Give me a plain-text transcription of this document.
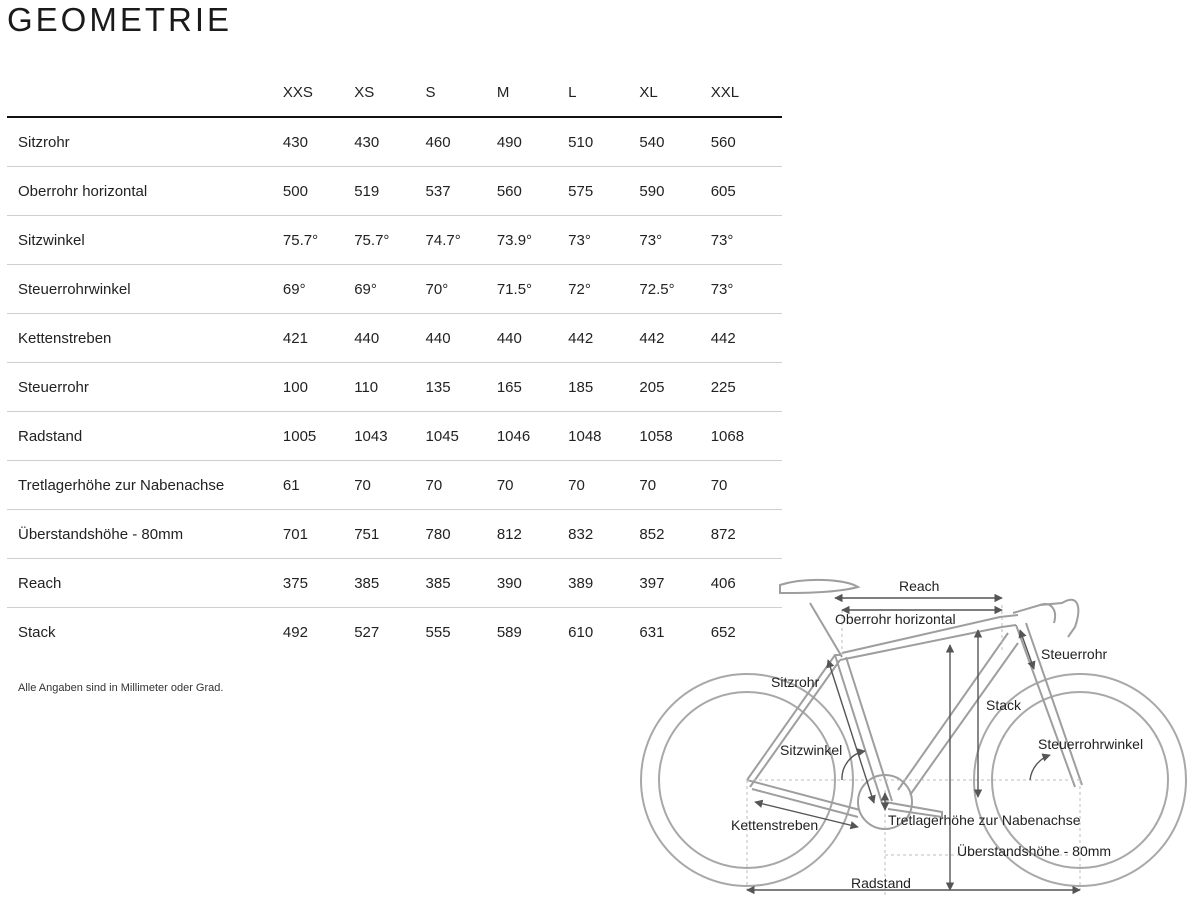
GEOMETRIE
	XXS	XS	S	M	L	XL	XXL
Sitzrohr	430	430	460	490	510	540	560
Oberrohr horizontal	500	519	537	560	575	590	605
Sitzwinkel	75.7°	75.7°	74.7°	73.9°	73°	73°	73°
Steuerrohrwinkel	69°	69°	70°	71.5°	72°	72.5°	73°
Kettenstreben	421	440	440	440	442	442	442
Steuerrohr	100	110	135	165	185	205	225
Radstand	1005	1043	1045	1046	1048	1058	1068
Tretlagerhöhe zur Nabenachse	61	70	70	70	70	70	70
Überstandshöhe - 80mm	701	751	780	812	832	852	872
Reach	375	385	385	390	389	397	406
Stack	492	527	555	589	610	631	652
Alle Angaben sind in Millimeter oder Grad.
Reach
Oberrohr horizontal
Steuerrohr
Sitzrohr
Stack
Sitzwinkel	Steuerrohrwinkel
Kettenstreben	Tretlagerhöhe zur Nabenachse
Überstandshöhe - 80mm
Radstand
